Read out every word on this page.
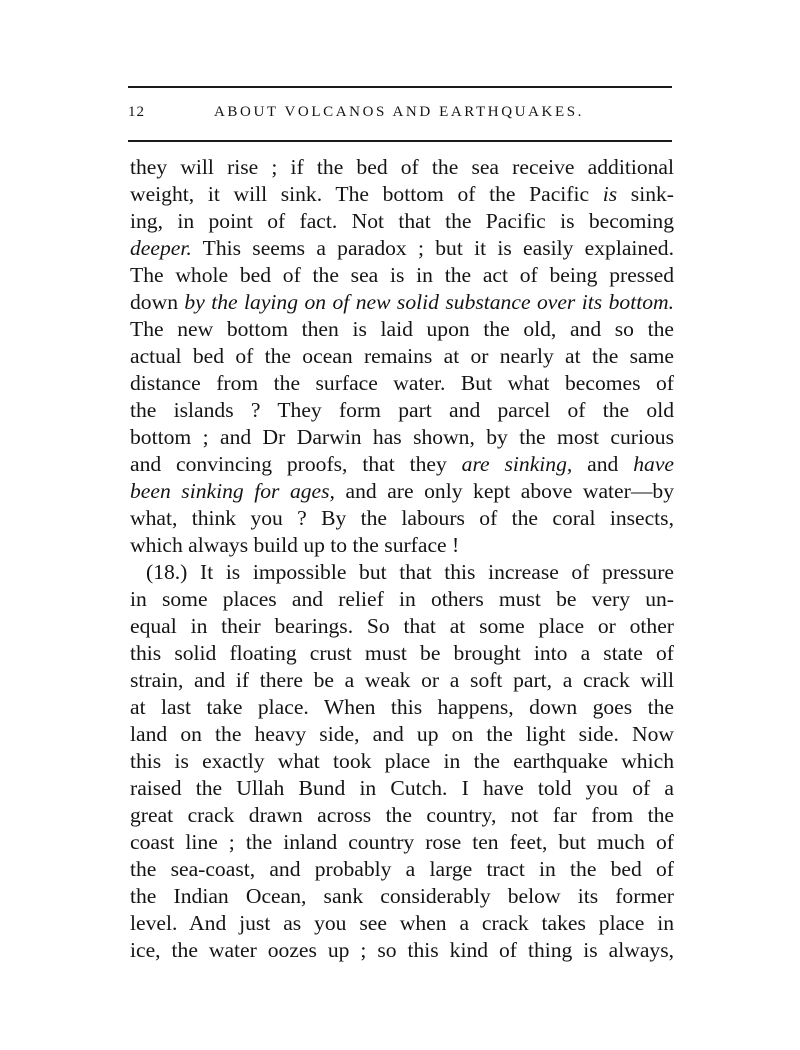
12	ABOUT VOLCANOS AND EARTHQUAKES.
they will rise ; if the bed of the sea receive additional
weight, it will sink. The bottom of the Pacific is sink-
ing, in point of fact. Not that the Pacific is becoming
deeper. This seems a paradox ; but it is easily explained.
The whole bed of the sea is in the act of being pressed
down by the laying on of new solid substance over its bottom.
The new bottom then is laid upon the old, and so the
actual bed of the ocean remains at or nearly at the same
distance from the surface water. But what becomes of
the islands ? They form part and parcel of the old
bottom ; and Dr Darwin has shown, by the most curious
and convincing proofs, that they are sinking, and have
been sinking for ages, and are only kept above water—by
what, think you ? By the labours of the coral insects,
which always build up to the surface !
(18.) It is impossible but that this increase of pressure
in some places and relief in others must be very un-
equal in their bearings. So that at some place or other
this solid floating crust must be brought into a state of
strain, and if there be a weak or a soft part, a crack will
at last take place. When this happens, down goes the
land on the heavy side, and up on the light side. Now
this is exactly what took place in the earthquake which
raised the Ullah Bund in Cutch. I have told you of a
great crack drawn across the country, not far from the
coast line ; the inland country rose ten feet, but much of
the sea-coast, and probably a large tract in the bed of
the Indian Ocean, sank considerably below its former
level. And just as you see when a crack takes place in
ice, the water oozes up ; so this kind of thing is always,
